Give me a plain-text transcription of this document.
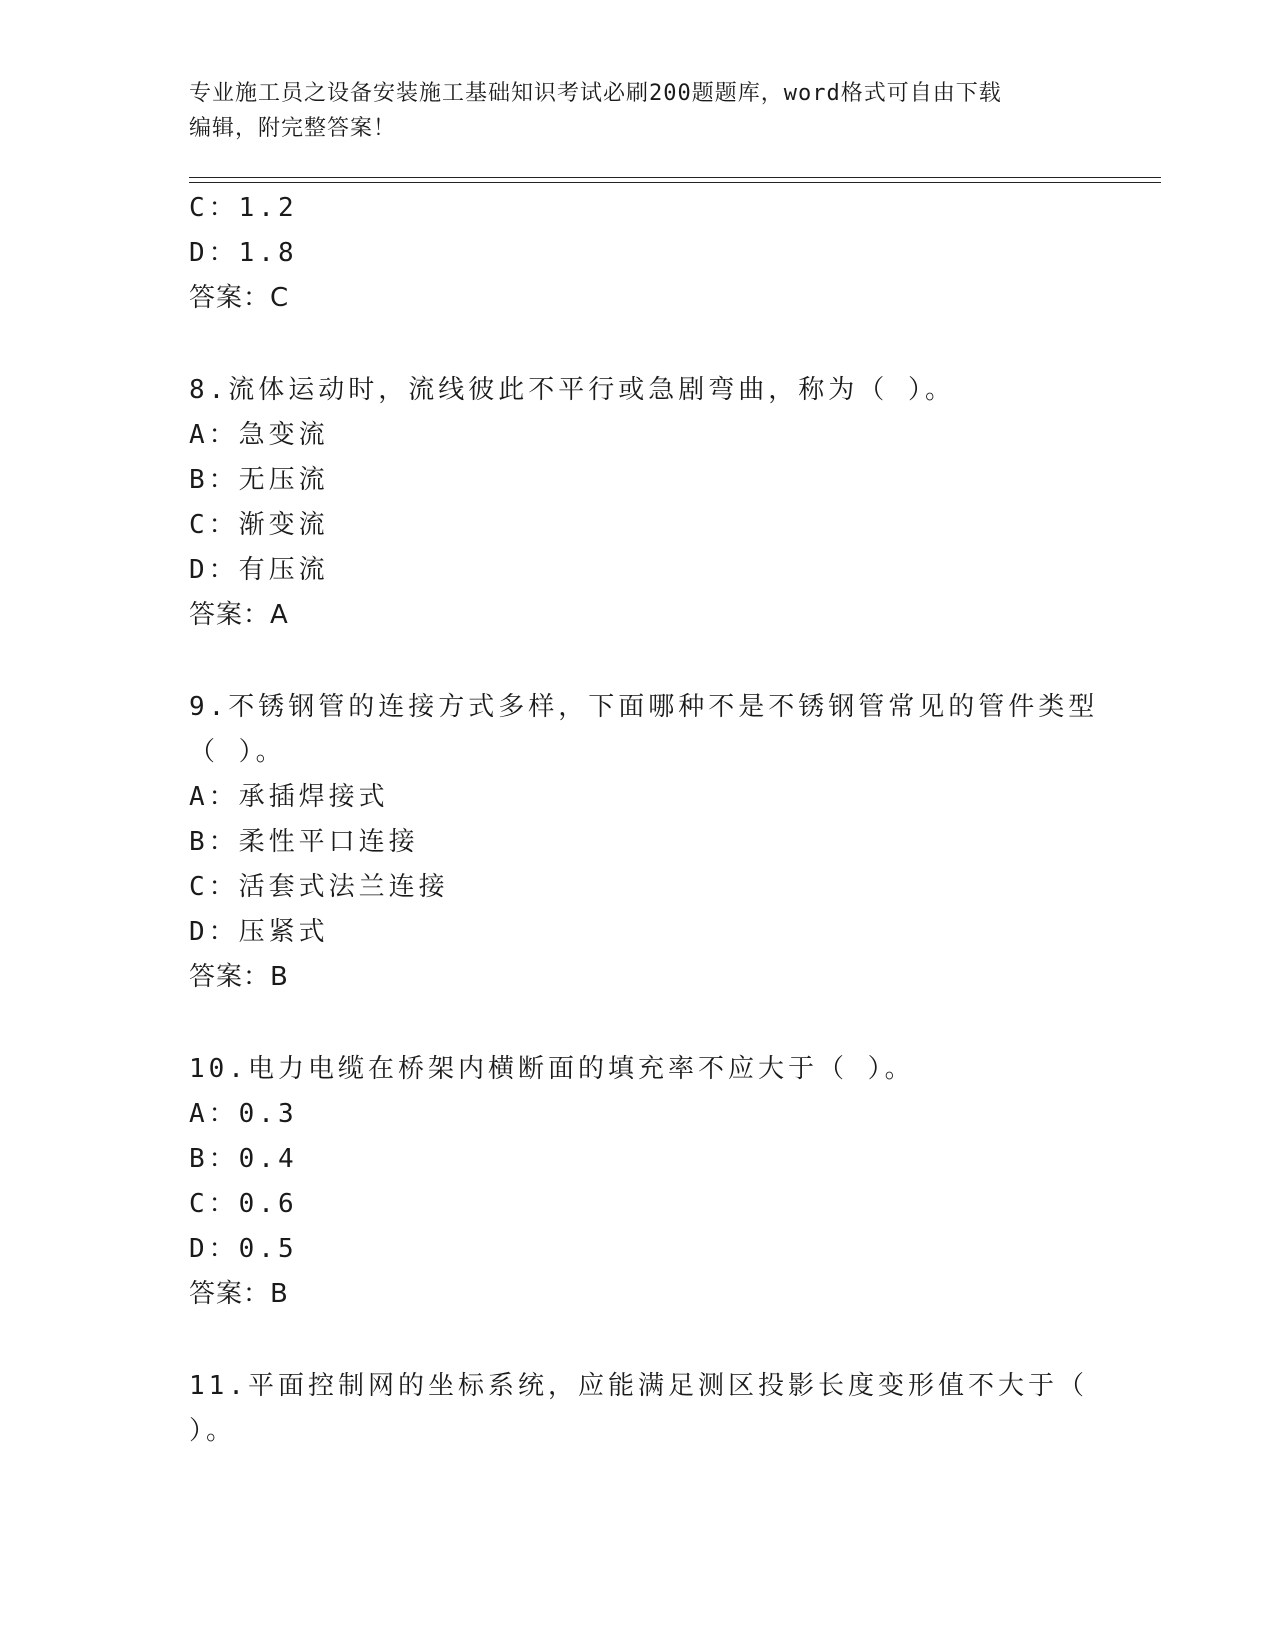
专业施工员之设备安装施工基础知识考试必刷200题题库，word格式可自由下载
编辑，附完整答案！
C：1.2
D：1.8
答案：C
8.流体运动时，流线彼此不平行或急剧弯曲，称为（ ）。
A：急变流
B：无压流
C：渐变流
D：有压流
答案：A
9.不锈钢管的连接方式多样，下面哪种不是不锈钢管常见的管件类型
（ ）。
A：承插焊接式
B：柔性平口连接
C：活套式法兰连接
D：压紧式
答案：B
10.电力电缆在桥架内横断面的填充率不应大于（ ）。
A：0.3
B：0.4
C：0.6
D：0.5
答案：B
11.平面控制网的坐标系统，应能满足测区投影长度变形值不大于（
）。
